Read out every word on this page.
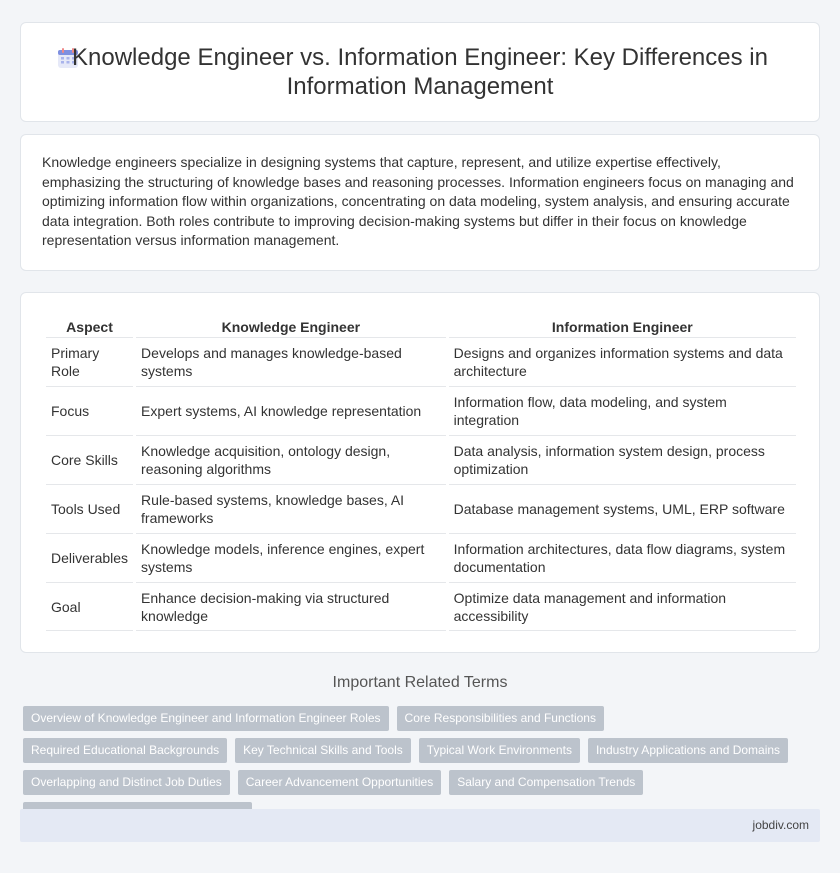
Knowledge Engineer vs. Information Engineer: Key Differences in Information Management

Knowledge engineers specialize in designing systems that capture, represent, and utilize expertise effectively, emphasizing the structuring of knowledge bases and reasoning processes. Information engineers focus on managing and optimizing information flow within organizations, concentrating on data modeling, system analysis, and ensuring accurate data integration. Both roles contribute to improving decision-making systems but differ in their focus on knowledge representation versus information management.

Aspect	Knowledge Engineer	Information Engineer
Primary Role	Develops and manages knowledge-based systems	Designs and organizes information systems and data architecture
Focus	Expert systems, AI knowledge representation	Information flow, data modeling, and system integration
Core Skills	Knowledge acquisition, ontology design, reasoning algorithms	Data analysis, information system design, process optimization
Tools Used	Rule-based systems, knowledge bases, AI frameworks	Database management systems, UML, ERP software
Deliverables	Knowledge models, inference engines, expert systems	Information architectures, data flow diagrams, system documentation
Goal	Enhance decision-making via structured knowledge	Optimize data management and information accessibility
Important Related Terms
Overview of Knowledge Engineer and Information Engineer Roles	Core Responsibilities and Functions
Required Educational Backgrounds	Key Technical Skills and Tools	Typical Work Environments	Industry Applications and Domains
Overlapping and Distinct Job Duties	Career Advancement Opportunities	Salary and Compensation Trends
jobdiv.com
